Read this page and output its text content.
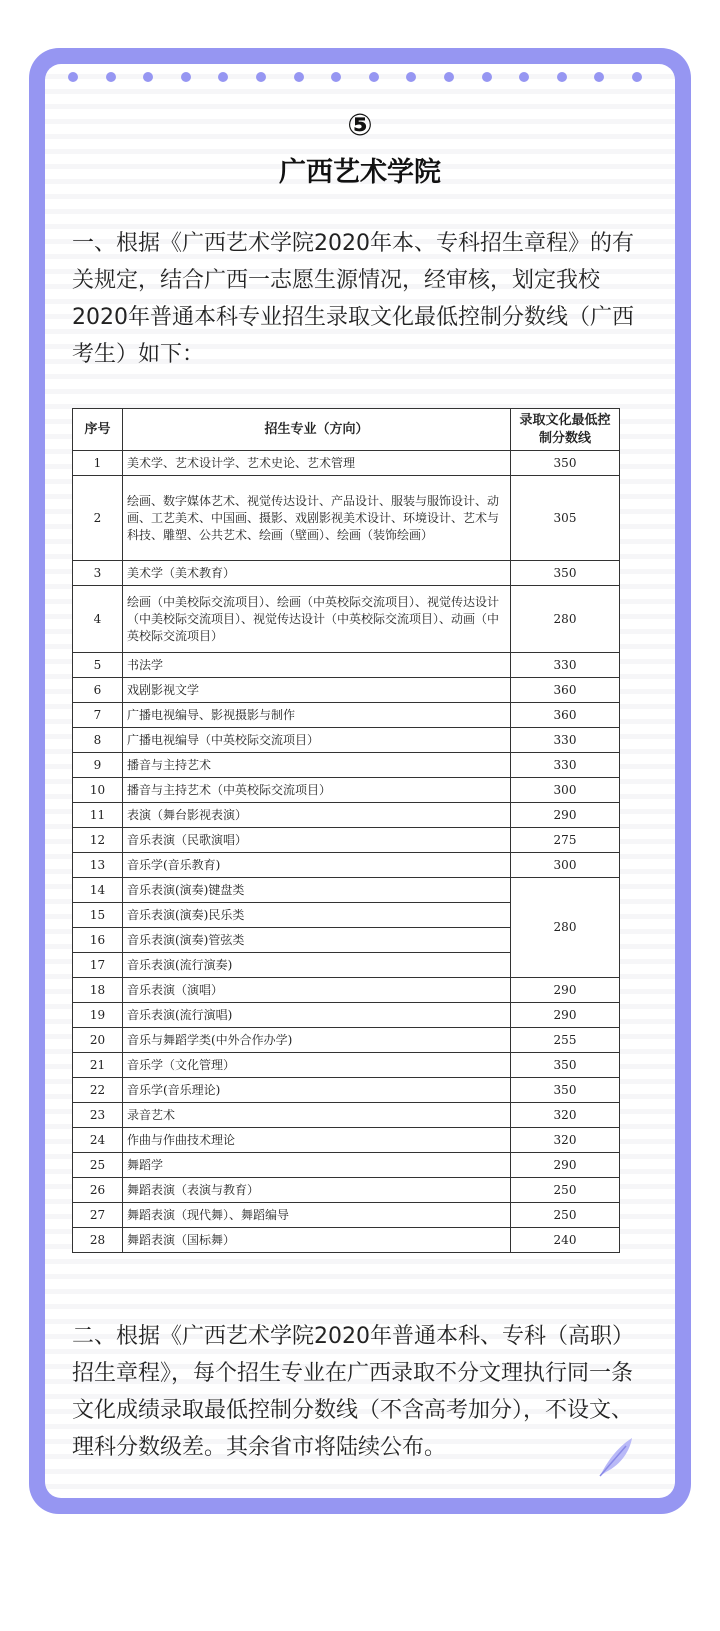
⑤
广西艺术学院
一、根据《广西艺术学院2020年本、专科招生章程》的有关规定，结合广西一志愿生源情况，经审核，划定我校2020年普通本科专业招生录取文化最低控制分数线（广西考生）如下：
序号	招生专业（方向）	录取文化最低控制分数线
1	美术学、艺术设计学、艺术史论、艺术管理	350
2	绘画、数字媒体艺术、视觉传达设计、产品设计、服装与服饰设计、动画、工艺美术、中国画、摄影、戏剧影视美术设计、环境设计、艺术与科技、雕塑、公共艺术、绘画（壁画）、绘画（装饰绘画）	305
3	美术学（美术教育）	350
4	绘画（中美校际交流项目）、绘画（中英校际交流项目）、视觉传达设计（中美校际交流项目）、视觉传达设计（中英校际交流项目）、动画（中英校际交流项目）	280
5	书法学	330
6	戏剧影视文学	360
7	广播电视编导、影视摄影与制作	360
8	广播电视编导（中英校际交流项目）	330
9	播音与主持艺术	330
10	播音与主持艺术（中英校际交流项目）	300
11	表演（舞台影视表演）	290
12	音乐表演（民歌演唱）	275
13	音乐学(音乐教育)	300
14	音乐表演(演奏)键盘类	280
15	音乐表演(演奏)民乐类	
16	音乐表演(演奏)管弦类	
17	音乐表演(流行演奏)	
18	音乐表演（演唱）	290
19	音乐表演(流行演唱)	290
20	音乐与舞蹈学类(中外合作办学)	255
21	音乐学（文化管理）	350
22	音乐学(音乐理论)	350
23	录音艺术	320
24	作曲与作曲技术理论	320
25	舞蹈学	290
26	舞蹈表演（表演与教育）	250
27	舞蹈表演（现代舞）、舞蹈编导	250
28	舞蹈表演（国标舞）	240
二、根据《广西艺术学院2020年普通本科、专科（高职）招生章程》，每个招生专业在广西录取不分文理执行同一条文化成绩录取最低控制分数线（不含高考加分），不设文、理科分数级差。其余省市将陆续公布。
